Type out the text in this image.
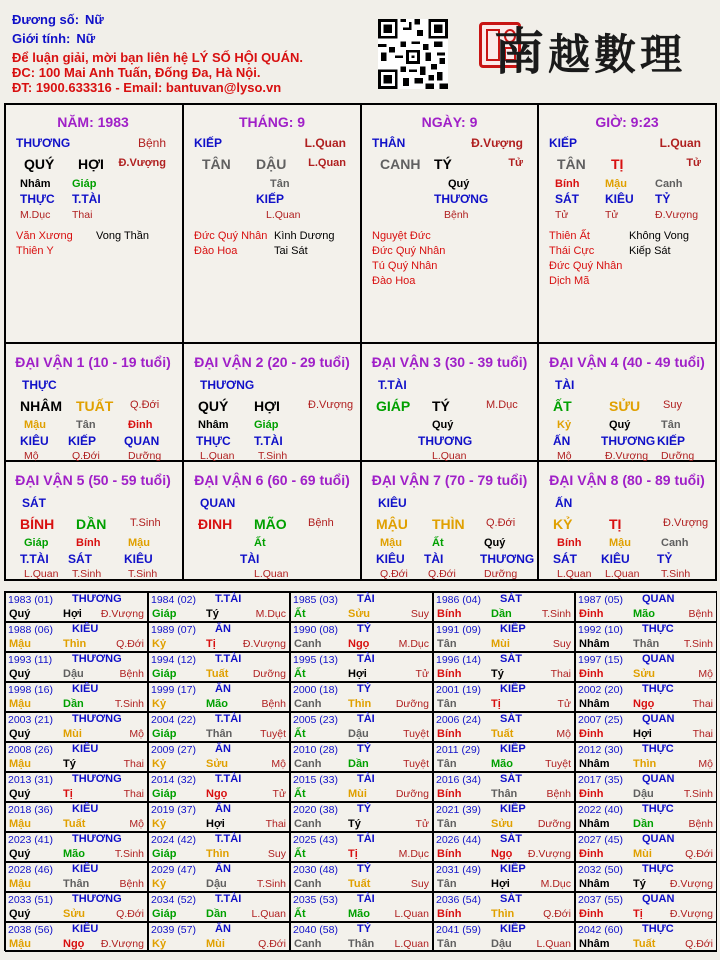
Đương số: Nữ
Giới tính: Nữ
Để luận giải, mời bạn liên hệ LÝ SỐ HỘI QUÁN.
ĐC: 100 Mai Anh Tuấn, Đống Đa, Hà Nội.
ĐT: 1900.633316 - Email: bantuvan@lyso.vn
南越數理
NĂM: 1983
THƯƠNG	Bệnh
QUÝ HỢI Đ.Vượng
Nhâm Giáp
THỰC T.TÀI
M.Dục Thai
Văn Xương Vong Thần
Thiên Y
THÁNG: 9
KIẾP	L.Quan
TÂN DẬU L.Quan
Tân
KIẾP
L.Quan
Đức Quý Nhân Kình Dương
Đào Hoa	Tai Sát
NGÀY: 9
THÂN	Đ.Vượng
CANH TÝ	Tử
Quý
THƯƠNG
Bệnh
Nguyệt Đức
Đức Quý Nhân
Tú Quý Nhân
Đào Hoa
GIỜ: 9:23
KIẾP	L.Quan
TÂN TỊ	Tử
Bính Mậu	Canh
SÁT KIÊU TỶ
Tử	Tử	Đ.Vượng
Thiên Ất	Không Vong
Thái Cực	Kiếp Sát
Đức Quý Nhân
Dịch Mã
ĐẠI VẬN 1 (10 - 19 tuổi)
THỰC
NHÂM TUẤT Q.Đới
Mậu	Tân	Đinh
KIÊU KIẾP QUAN
Mộ	Q.Đới	Dưỡng
ĐẠI VẬN 2 (20 - 29 tuổi)
THƯƠNG
QUÝ HỢI	Đ.Vượng
Nhâm Giáp
THỰC T.TÀI
L.Quan T.Sinh
ĐẠI VẬN 3 (30 - 39 tuổi)
T.TÀI
GIÁP TÝ	M.Dục
Quý
THƯƠNG
L.Quan
ĐẠI VẬN 4 (40 - 49 tuổi)
TÀI
ẤT	SỬU Suy
Kỷ	Quý	Tân
ẤN	THƯƠNG KIẾP
Mộ	Đ.Vượng Dưỡng
ĐẠI VẬN 5 (50 - 59 tuổi)
SÁT
BÍNH DẦN T.Sinh
Giáp	Bính	Mậu
T.TÀI SÁT	KIÊU
L.Quan T.Sinh	T.Sinh
ĐẠI VẬN 6 (60 - 69 tuổi)
QUAN
ĐINH MÃO Bệnh
Ất
TÀI
L.Quan
ĐẠI VẬN 7 (70 - 79 tuổi)
KIÊU
MẬU THÌN Q.Đới
Mậu	Ất	Quý
KIÊU TÀI	THƯƠNG
Q.Đới Q.Đới	Dưỡng
ĐẠI VẬN 8 (80 - 89 tuổi)
ẤN
KỶ	TỊ	Đ.Vượng
Bính	Mậu	Canh
SÁT KIÊU TỶ
L.Quan L.Quan T.Sinh
1983 (01) THƯƠNG
Quý	Hợi Đ.Vượng
1984 (02) T.TÀI
Giáp	Tý	M.Dục
1985 (03) TÀI
Ất	Sửu	Suy
1986 (04) SÁT
Bính	Dần	T.Sinh
1987 (05) QUAN
Đinh	Mão	Bệnh
1988 (06) KIÊU
Mậu	Thìn	Q.Đới
1989 (07) ẤN
Kỷ	Tị	Đ.Vượng
1990 (08) TỶ
Canh Ngọ	M.Dục
1991 (09) KIẾP
Tân	Mùi	Suy
1992 (10) THỰC
Nhâm Thân T.Sinh
1993 (11) THƯƠNG
Quý	Dậu	Bệnh
1994 (12) T.TÀI
Giáp	Tuất Dưỡng
1995 (13) TÀI
Ất	Hợi	Tử
1996 (14) SÁT
Bính	Tý	Thai
1997 (15) QUAN
Đinh	Sửu	Mộ
1998 (16) KIÊU
Mậu	Dần	T.Sinh
1999 (17) ẤN
Kỷ	Mão	Bệnh
2000 (18) TỶ
Canh Thìn Dưỡng
2001 (19) KIẾP
Tân	Tị	Tử
2002 (20) THỰC
Nhâm Ngọ	Thai
2003 (21) THƯƠNG
Quý	Mùi	Mộ
2004 (22) T.TÀI
Giáp	Thân	Tuyệt
2005 (23) TÀI
Ất	Dậu	Tuyệt
2006 (24) SÁT
Bính	Tuất	Mộ
2007 (25) QUAN
Đinh	Hợi	Thai
2008 (26) KIÊU
Mậu	Tý	Thai
2009 (27) ẤN
Kỷ	Sửu	Mộ
2010 (28) TỶ
Canh Dần	Tuyệt
2011 (29) KIẾP
Tân	Mão	Tuyệt
2012 (30) THỰC
Nhâm Thìn	Mộ
2013 (31) THƯƠNG
Quý	Tị	Thai
2014 (32) T.TÀI
Giáp	Ngọ	Tử
2015 (33) TÀI
Ất	Mùi	Dưỡng
2016 (34) SÁT
Bính	Thân	Bệnh
2017 (35) QUAN
Đinh	Dậu	T.Sinh
2018 (36) KIÊU
Mậu	Tuất	Mộ
2019 (37) ẤN
Kỷ	Hợi	Thai
2020 (38) TỶ
Canh Tý	Tử
2021 (39) KIẾP
Tân	Sửu Dưỡng
2022 (40) THỰC
Nhâm Dần	Bệnh
2023 (41) THƯƠNG
Quý	Mão	T.Sinh
2024 (42) T.TÀI
Giáp	Thìn	Suy
2025 (43) TÀI
Ất	Tị	M.Dục
2026 (44) SÁT
Bính	Ngọ Đ.Vượng
2027 (45) QUAN
Đinh	Mùi	Q.Đới
2028 (46) KIÊU
Mậu	Thân	Bệnh
2029 (47) ẤN
Kỷ	Dậu	T.Sinh
2030 (48) TỶ
Canh Tuất	Suy
2031 (49) KIẾP
Tân	Hợi	M.Dục
2032 (50) THỰC
Nhâm Tý Đ.Vượng
2033 (51) THƯƠNG
Quý	Sửu	Q.Đới
2034 (52) T.TÀI
Giáp	Dần L.Quan
2035 (53) TÀI
Ất	Mão L.Quan
2036 (54) SÁT
Bính	Thìn	Q.Đới
2037 (55) QUAN
Đinh	Tị	Đ.Vượng
2038 (56) KIÊU
Mậu	Ngọ Đ.Vượng
2039 (57) ẤN
Kỷ	Mùi	Q.Đới
2040 (58) TỶ
Canh Thân L.Quan
2041 (59) KIẾP
Tân	Dậu L.Quan
2042 (60) THỰC
Nhâm Tuất	Q.Đới
